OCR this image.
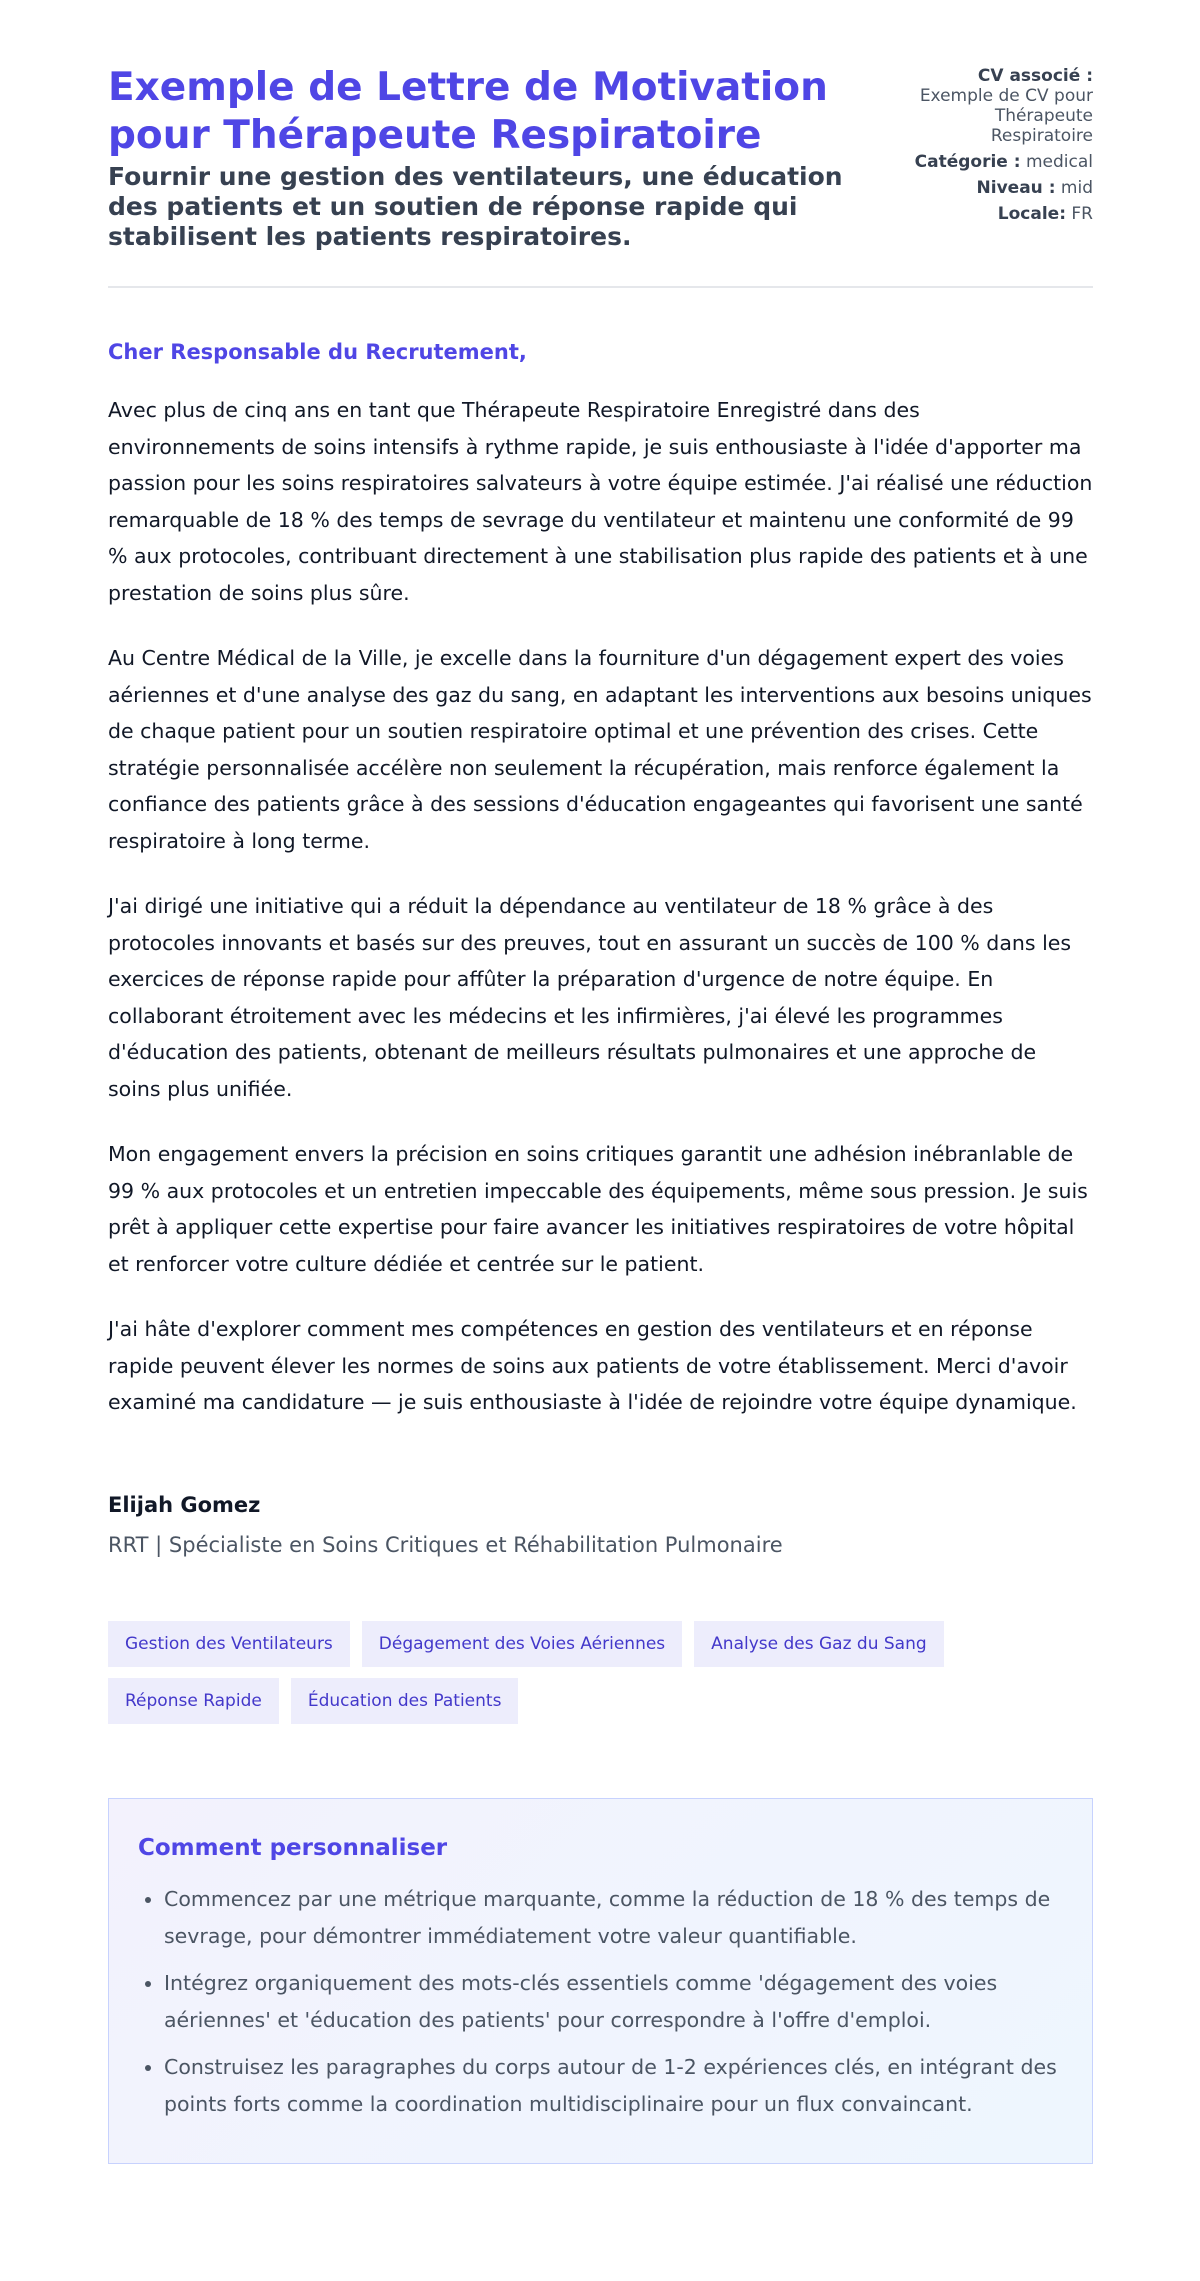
Exemple de Lettre de Motivation pour Thérapeute Respiratoire
Fournir une gestion des ventilateurs, une éducation des patients et un soutien de réponse rapide qui stabilisent les patients respiratoires.
CV associé :
Exemple de CV pour Thérapeute Respiratoire
Catégorie : medical
Niveau : mid
Locale: FR
Cher Responsable du Recrutement,

Avec plus de cinq ans en tant que Thérapeute Respiratoire Enregistré dans des environnements de soins intensifs à rythme rapide, je suis enthousiaste à l'idée d'apporter ma passion pour les soins respiratoires salvateurs à votre équipe estimée. J'ai réalisé une réduction remarquable de 18 % des temps de sevrage du ventilateur et maintenu une conformité de 99 % aux protocoles, contribuant directement à une stabilisation plus rapide des patients et à une prestation de soins plus sûre.

Au Centre Médical de la Ville, je excelle dans la fourniture d'un dégagement expert des voies aériennes et d'une analyse des gaz du sang, en adaptant les interventions aux besoins uniques de chaque patient pour un soutien respiratoire optimal et une prévention des crises. Cette stratégie personnalisée accélère non seulement la récupération, mais renforce également la confiance des patients grâce à des sessions d'éducation engageantes qui favorisent une santé respiratoire à long terme.

J'ai dirigé une initiative qui a réduit la dépendance au ventilateur de 18 % grâce à des protocoles innovants et basés sur des preuves, tout en assurant un succès de 100 % dans les exercices de réponse rapide pour affûter la préparation d'urgence de notre équipe. En collaborant étroitement avec les médecins et les infirmières, j'ai élevé les programmes d'éducation des patients, obtenant de meilleurs résultats pulmonaires et une approche de soins plus unifiée.

Mon engagement envers la précision en soins critiques garantit une adhésion inébranlable de 99 % aux protocoles et un entretien impeccable des équipements, même sous pression. Je suis prêt à appliquer cette expertise pour faire avancer les initiatives respiratoires de votre hôpital et renforcer votre culture dédiée et centrée sur le patient.

J'ai hâte d'explorer comment mes compétences en gestion des ventilateurs et en réponse rapide peuvent élever les normes de soins aux patients de votre établissement. Merci d'avoir examiné ma candidature — je suis enthousiaste à l'idée de rejoindre votre équipe dynamique.

Elijah Gomez
RRT | Spécialiste en Soins Critiques et Réhabilitation Pulmonaire
Gestion des Ventilateurs	Dégagement des Voies Aériennes	Analyse des Gaz du Sang
Réponse Rapide	Éducation des Patients
Comment personnaliser
• Commencez par une métrique marquante, comme la réduction de 18 % des temps de sevrage, pour démontrer immédiatement votre valeur quantifiable.
• Intégrez organiquement des mots-clés essentiels comme 'dégagement des voies aériennes' et 'éducation des patients' pour correspondre à l'offre d'emploi.
• Construisez les paragraphes du corps autour de 1-2 expériences clés, en intégrant des points forts comme la coordination multidisciplinaire pour un flux convaincant.
